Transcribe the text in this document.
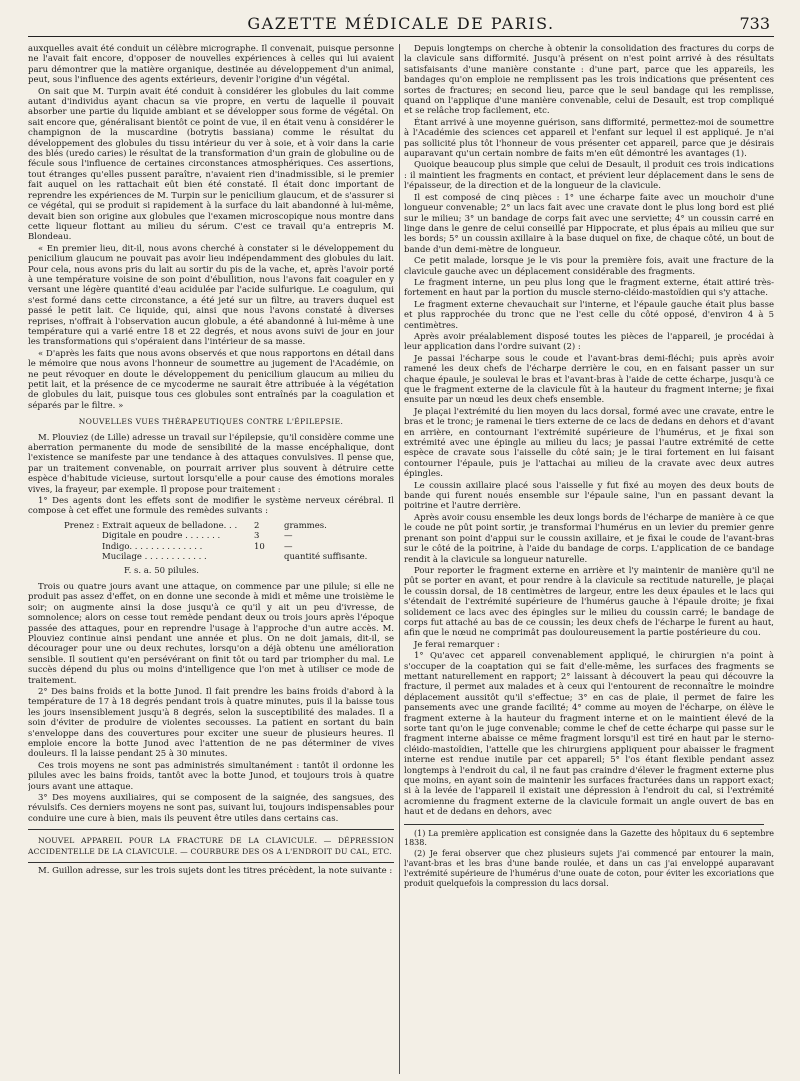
GAZETTE MÉDICALE DE PARIS.	733

auxquelles avait été conduit un célèbre micrographe. Il convenait, puisque personne ne l'avait fait encore, d'opposer de nouvelles expériences à celles qui lui avaient paru démontrer que la matière organique, destinée au développement d'un animal, peut, sous l'influence des agents extérieurs, devenir l'origine d'un végétal.

On sait que M. Turpin avait été conduit à considérer les globules du lait comme autant d'individus ayant chacun sa vie propre, en vertu de laquelle il pouvait absorber une partie du liquide ambiant et se développer sous forme de végétal. On sait encore que, généralisant bientôt ce point de vue, il en était venu à considérer le champignon de la muscardine (botrytis bassiana) comme le résultat du développement des globules du tissu intérieur du ver à soie, et à voir dans la carie des blés (uredo caries) le résultat de la transformation d'un grain de globuline ou de fécule sous l'influence de certaines circonstances atmosphériques. Ces assertions, tout étranges qu'elles pussent paraître, n'avaient rien d'inadmissible, si le premier fait auquel on les rattachait eût bien été constaté. Il était donc important de reprendre les expériences de M. Turpin sur le penicilium glaucum, et de s'assurer si ce végétal, qui se produit si rapidement à la surface du lait abandonné à lui-même, devait bien son origine aux globules que l'examen microscopique nous montre dans cette liqueur flottant au milieu du sérum. C'est ce travail qu'a entrepris M. Blondeau.

« En premier lieu, dit-il, nous avons cherché à constater si le développement du penicilium glaucum ne pouvait pas avoir lieu indépendamment des globules du lait. Pour cela, nous avons pris du lait au sortir du pis de la vache, et, après l'avoir porté à une température voisine de son point d'ébullition, nous l'avons fait coaguler en y versant une légère quantité d'eau acidulée par l'acide sulfurique. Le coagulum, qui s'est formé dans cette circonstance, a été jeté sur un filtre, au travers duquel est passé le petit lait. Ce liquide, qui, ainsi que nous l'avons constaté à diverses reprises, n'offrait à l'observation aucun globule, a été abandonné à lui-même à une température qui a varié entre 18 et 22 degrés, et nous avons suivi de jour en jour les transformations qui s'opéraient dans l'intérieur de sa masse.

« D'après les faits que nous avons observés et que nous rapportons en détail dans le mémoire que nous avons l'honneur de soumettre au jugement de l'Académie, on ne peut révoquer en doute le développement du penicilium glaucum au milieu du petit lait, et la présence de ce mycoderme ne saurait être attribuée à la végétation de globules du lait, puisque tous ces globules sont entraînés par la coagulation et séparés par le filtre. »

NOUVELLES VUES THÉRAPEUTIQUES CONTRE L'ÉPILEPSIE.

M. Plouviez (de Lille) adresse un travail sur l'épilepsie, qu'il considère comme une aberration permanente du mode de sensibilité de la masse encéphalique, dont l'existence se manifeste par une tendance à des attaques convulsives. Il pense que, par un traitement convenable, on pourrait arriver plus souvent à détruire cette espèce d'habitude vicieuse, surtout lorsqu'elle a pour cause des émotions morales vives, la frayeur, par exemple. Il propose pour traitement :

1° Des agents dont les effets sont de modifier le système nerveux cérébral. Il compose à cet effet une formule des remèdes suivants :

Prenez : Extrait aqueux de belladone. . .	2	grammes.
Digitale en poudre . . . . . . .	3	—
Indigo. . . . . . . . . . . . . .	10	—
Mucilage . . . . . . . . . . . .	quantité suffisante.

F. s. a. 50 pilules.

Trois ou quatre jours avant une attaque, on commence par une pilule; si elle ne produit pas assez d'effet, on en donne une seconde à midi et même une troisième le soir; on augmente ainsi la dose jusqu'à ce qu'il y ait un peu d'ivresse, de somnolence; alors on cesse tout remède pendant deux ou trois jours après l'époque passée des attaques, pour en reprendre l'usage à l'approche d'un autre accès. M. Plouviez continue ainsi pendant une année et plus. On ne doit jamais, dit-il, se décourager pour une ou deux rechutes, lorsqu'on a déjà obtenu une amélioration sensible. Il soutient qu'en persévérant on finit tôt ou tard par triompher du mal. Le succès dépend du plus ou moins d'intelligence que l'on met à utiliser ce mode de traitement.

2° Des bains froids et la botte Junod. Il fait prendre les bains froids d'abord à la température de 17 à 18 degrés pendant trois à quatre minutes, puis il la baisse tous les jours insensiblement jusqu'à 8 degrés, selon la susceptibilité des malades. Il a soin d'éviter de produire de violentes secousses. La patient en sortant du bain s'enveloppe dans des couvertures pour exciter une sueur de plusieurs heures. Il emploie encore la botte Junod avec l'attention de ne pas déterminer de vives douleurs. Il la laisse pendant 25 à 30 minutes.

Ces trois moyens ne sont pas administrés simultanément : tantôt il ordonne les pilules avec les bains froids, tantôt avec la botte Junod, et toujours trois à quatre jours avant une attaque.

3° Des moyens auxiliaires, qui se composent de la saignée, des sangsues, des révulsifs. Ces derniers moyens ne sont pas, suivant lui, toujours indispensables pour conduire une cure à bien, mais ils peuvent être utiles dans certains cas.

NOUVEL APPAREIL POUR LA FRACTURE DE LA CLAVICULE. — DÉPRESSION ACCIDENTELLE DE LA CLAVICULE. — COURBURE DES OS A L'ENDROIT DU CAL, ETC.

M. Guillon adresse, sur les trois sujets dont les titres précèdent, la note suivante :

Depuis longtemps on cherche à obtenir la consolidation des fractures du corps de la clavicule sans difformité. Jusqu'à présent on n'est point arrivé à des résultats satisfaisants d'une manière constante : d'une part, parce que les appareils, les bandages qu'on emploie ne remplissent pas les trois indications que présentent ces sortes de fractures; en second lieu, parce que le seul bandage qui les remplisse, quand on l'applique d'une manière convenable, celui de Desault, est trop compliqué et se relâche trop facilement, etc.

Étant arrivé à une moyenne guérison, sans difformité, permettez-moi de soumettre à l'Académie des sciences cet appareil et l'enfant sur lequel il est appliqué. Je n'ai pas sollicité plus tôt l'honneur de vous présenter cet appareil, parce que je désirais auparavant qu'un certain nombre de faits m'en eût démontré les avantages (1).

Quoique beaucoup plus simple que celui de Desault, il produit ces trois indications : il maintient les fragments en contact, et prévient leur déplacement dans le sens de l'épaisseur, de la direction et de la longueur de la clavicule.

Il est composé de cinq pièces : 1° une écharpe faite avec un mouchoir d'une longueur convenable; 2° un lacs fait avec une cravate dont le plus long bord est plié sur le milieu; 3° un bandage de corps fait avec une serviette; 4° un coussin carré en linge dans le genre de celui conseillé par Hippocrate, et plus épais au milieu que sur les bords; 5° un coussin axillaire à la base duquel on fixe, de chaque côté, un bout de bande d'un demi-mètre de longueur.

Ce petit malade, lorsque je le vis pour la première fois, avait une fracture de la clavicule gauche avec un déplacement considérable des fragments.

Le fragment interne, un peu plus long que le fragment externe, était attiré très-fortement en haut par la portion du muscle sterno-cléido-mastoïdien qui s'y attache.

Le fragment externe chevauchait sur l'interne, et l'épaule gauche était plus basse et plus rapprochée du tronc que ne l'est celle du côté opposé, d'environ 4 à 5 centimètres.

Après avoir préalablement disposé toutes les pièces de l'appareil, je procédai à leur application dans l'ordre suivant (2) :

Je passai l'écharpe sous le coude et l'avant-bras demi-fléchi; puis après avoir ramené les deux chefs de l'écharpe derrière le cou, en en faisant passer un sur chaque épaule, je soulevai le bras et l'avant-bras à l'aide de cette écharpe, jusqu'à ce que le fragment externe de la clavicule fût à la hauteur du fragment interne; je fixai ensuite par un nœud les deux chefs ensemble.

Je plaçai l'extrémité du lien moyen du lacs dorsal, formé avec une cravate, entre le bras et le tronc; je ramenai le tiers externe de ce lacs de dedans en dehors et d'avant en arrière, en contournant l'extrémité supérieure de l'humérus, et je fixai son extrémité avec une épingle au milieu du lacs; je passai l'autre extrémité de cette espèce de cravate sous l'aisselle du côté sain; je le tirai fortement en lui faisant contourner l'épaule, puis je l'attachai au milieu de la cravate avec deux autres épingles.

Le coussin axillaire placé sous l'aisselle y fut fixé au moyen des deux bouts de bande qui furent noués ensemble sur l'épaule saine, l'un en passant devant la poitrine et l'autre derrière.

Après avoir cousu ensemble les deux longs bords de l'écharpe de manière à ce que le coude ne pût point sortir, je transformai l'humérus en un levier du premier genre prenant son point d'appui sur le coussin axillaire, et je fixai le coude de l'avant-bras sur le côté de la poitrine, à l'aide du bandage de corps. L'application de ce bandage rendit à la clavicule sa longueur naturelle.

Pour reporter le fragment externe en arrière et l'y maintenir de manière qu'il ne pût se porter en avant, et pour rendre à la clavicule sa rectitude naturelle, je plaçai le coussin dorsal, de 18 centimètres de largeur, entre les deux épaules et le lacs qui s'étendait de l'extrémité supérieure de l'humérus gauche à l'épaule droite; je fixai solidement ce lacs avec des épingles sur le milieu du coussin carré; le bandage de corps fut attaché au bas de ce coussin; les deux chefs de l'écharpe le furent au haut, afin que le nœud ne comprimât pas douloureusement la partie postérieure du cou.

Je ferai remarquer :

1° Qu'avec cet appareil convenablement appliqué, le chirurgien n'a point à s'occuper de la coaptation qui se fait d'elle-même, les surfaces des fragments se mettant naturellement en rapport; 2° laissant à découvert la peau qui découvre la fracture, il permet aux malades et à ceux qui l'entourent de reconnaître le moindre déplacement aussitôt qu'il s'effectue; 3° en cas de plaie, il permet de faire les pansements avec une grande facilité; 4° comme au moyen de l'écharpe, on élève le fragment externe à la hauteur du fragment interne et on le maintient élevé de la sorte tant qu'on le juge convenable; comme le chef de cette écharpe qui passe sur le fragment interne abaisse ce même fragment lorsqu'il est tiré en haut par le sterno-cléido-mastoïdien, l'attelle que les chirurgiens appliquent pour abaisser le fragment interne est rendue inutile par cet appareil; 5° l'os étant flexible pendant assez longtemps à l'endroit du cal, il ne faut pas craindre d'élever le fragment externe plus que moins, en ayant soin de maintenir les surfaces fracturées dans un rapport exact; si à la levée de l'appareil il existait une dépression à l'endroit du cal, si l'extrémité acromienne du fragment externe de la clavicule formait un angle ouvert de bas en haut et de dedans en dehors, avec

(1) La première application est consignée dans la Gazette des hôpitaux du 6 septembre 1838.

(2) Je ferai observer que chez plusieurs sujets j'ai commencé par entourer la main, l'avant-bras et les bras d'une bande roulée, et dans un cas j'ai enveloppé auparavant l'extrémité supérieure de l'humérus d'une ouate de coton, pour éviter les excoriations que produit quelquefois la compression du lacs dorsal.
